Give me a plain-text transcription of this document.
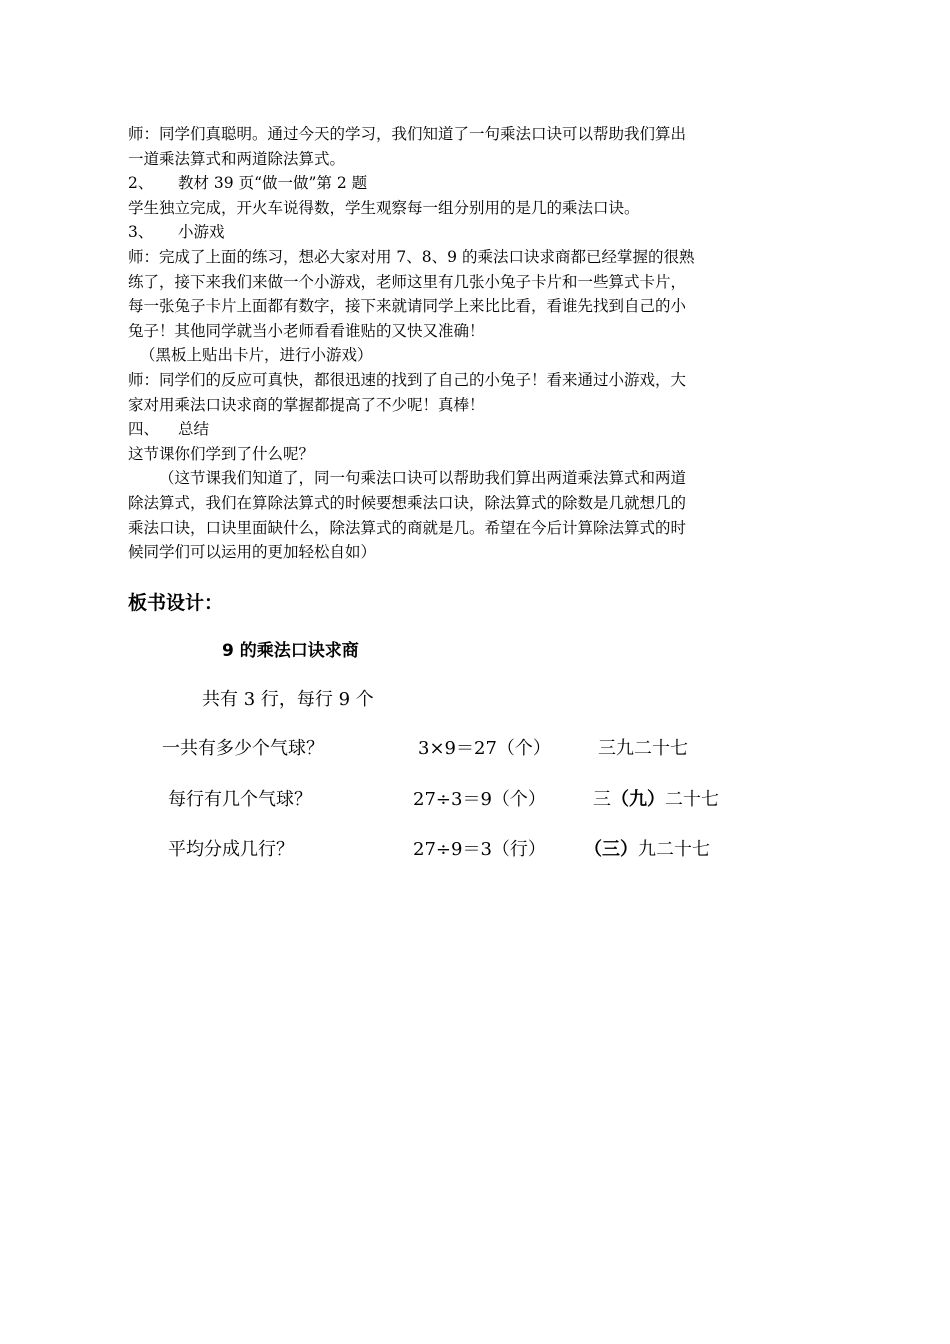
师：同学们真聪明。通过今天的学习，我们知道了一句乘法口诀可以帮助我们算出

一道乘法算式和两道除法算式。

2、 教材 39 页“做一做”第 2 题

学生独立完成，开火车说得数，学生观察每一组分别用的是几的乘法口诀。

3、 小游戏

师：完成了上面的练习，想必大家对用 7、8、9 的乘法口诀求商都已经掌握的很熟

练了，接下来我们来做一个小游戏，老师这里有几张小兔子卡片和一些算式卡片，

每一张兔子卡片上面都有数字，接下来就请同学上来比比看，看谁先找到自己的小

兔子！其他同学就当小老师看看谁贴的又快又准确！

（黑板上贴出卡片，进行小游戏）

师：同学们的反应可真快，都很迅速的找到了自己的小兔子！看来通过小游戏，大

家对用乘法口诀求商的掌握都提高了不少呢！真棒！

四、 总结

这节课你们学到了什么呢？

（这节课我们知道了，同一句乘法口诀可以帮助我们算出两道乘法算式和两道

除法算式，我们在算除法算式的时候要想乘法口诀，除法算式的除数是几就想几的

乘法口诀，口诀里面缺什么，除法算式的商就是几。希望在今后计算除法算式的时

候同学们可以运用的更加轻松自如）

板书设计：

9 的乘法口诀求商

共有 3 行，每行 9 个

一共有多少个气球？	3×9＝27（个）	三九二十七
每行有几个气球？	27÷3＝9（个）	三（九）二十七
平均分成几行？	27÷9＝3（行） （三）九二十七
